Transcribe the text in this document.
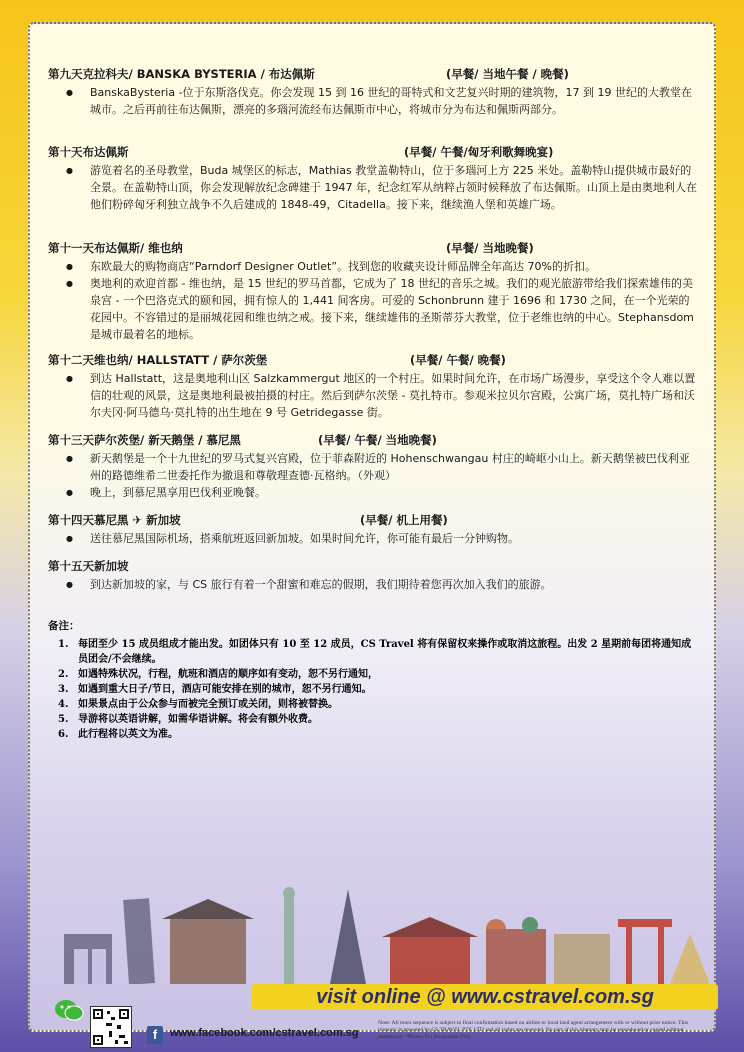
第九天克拉科夫/ BANSKA BYSTERIA / 布达佩斯	(早餐/ 当地午餐 / 晚餐)
● BanskaBysteria -位于东斯洛伐克。你会发现 15 到 16 世纪的哥特式和文艺复兴时期的建筑物，17 到 19 世纪的大教堂在城市。之后再前往布达佩斯，漂亮的多瑙河流经布达佩斯市中心，将城市分为布达和佩斯两部分。
第十天布达佩斯	(早餐/ 午餐/匈牙利歌舞晚宴)
● 游览着名的圣母教堂，Buda 城堡区的标志，Mathias 教堂盖勒特山，位于多瑙河上方 225 米处。盖勒特山提供城市最好的全景。在盖勒特山顶，你会发现解放纪念碑建于 1947 年，纪念红军从纳粹占领时候释放了布达佩斯。山顶上是由奥地利人在他们粉碎匈牙利独立战争不久后建成的 1848-49，Citadella。接下来，继续渔人堡和英雄广场。
第十一天布达佩斯/ 维也纳	(早餐/ 当地晚餐)
● 东欧最大的购物商店“Parndorf Designer Outlet”。找到您的收藏夹设计师品牌全年高达 70%的折扣。
● 奥地利的欢迎首都 - 维也纳，是 15 世纪的罗马首都，它成为了 18 世纪的音乐之城。我们的观光旅游带给我们探索雄伟的美泉宫 - 一个巴洛克式的颐和园，拥有惊人的 1,441 间客房。可爱的 Schonbrunn 建于 1696 和 1730 之间，在一个光荣的花园中。不容错过的是丽城花园和维也纳之戒。接下来，继续雄伟的圣斯蒂芬大教堂，位于老维也纳的中心。Stephansdom 是城市最着名的地标。
第十二天维也纳/ HALLSTATT / 萨尔茨堡	(早餐/ 午餐/ 晚餐)
● 到达 Hallstatt，这是奥地利山区 Salzkammergut 地区的一个村庄。如果时间允许，在市场广场漫步，享受这个令人难以置信的壮观的风景，这是奥地利最被拍摄的村庄。然后到萨尔茨堡 - 莫扎特市。参观米拉贝尔宫殿，公寓广场，莫扎特广场和沃尔夫冈·阿马德乌·莫扎特的出生地在 9 号 Getridegasse 街。
第十三天萨尔茨堡/ 新天鹅堡 / 慕尼黑	(早餐/ 午餐/ 当地晚餐)
● 新天鹅堡是一个十九世纪的罗马式复兴宫殿，位于菲森附近的 Hohenschwangau 村庄的崎岖小山上。新天鹅堡被巴伐利亚州的路德维希二世委托作为撤退和尊敬理查德·瓦格纳。（外观）
● 晚上，到慕尼黑享用巴伐利亚晚餐。
第十四天慕尼黑 ✈ 新加坡	(早餐/ 机上用餐)
● 送往慕尼黑国际机场，搭乘航班返回新加坡。如果时间允许，你可能有最后一分钟购物。
第十五天新加坡
● 到达新加坡的家，与 CS 旅行有着一个甜蜜和难忘的假期，我们期待着您再次加入我们的旅游。
备注：
1. 每团至少 15 成员组成才能出发。如团体只有 10 至 12 成员，CS Travel 将有保留权来操作或取消这旅程。出发 2 星期前每团将通知成员团会/不会继续。
2. 如遇特殊状况，行程，航班和酒店的顺序如有变动，恕不另行通知，
3. 如遇到重大日子/节日，酒店可能安排在别的城市，恕不另行通知。
4. 如果景点由于公众参与而被完全预订或关闭，则将被替换。
5. 导游将以英语讲解，如需华语讲解。将会有额外收费。
6. 此行程将以英文为准。
visit online @ www.cstravel.com.sg
f	www.facebook.com/cstravel.com.sg
Note: All tours sequence is subject to final confirmation based on airline or local land agent arrangement with or without prior notice. This itinerary is prepared by CS TRAVEL PTE LTD and all rights are reserved. No part of this itinerary may be reproduced or copied without permission. *Photos For Illustration Only
